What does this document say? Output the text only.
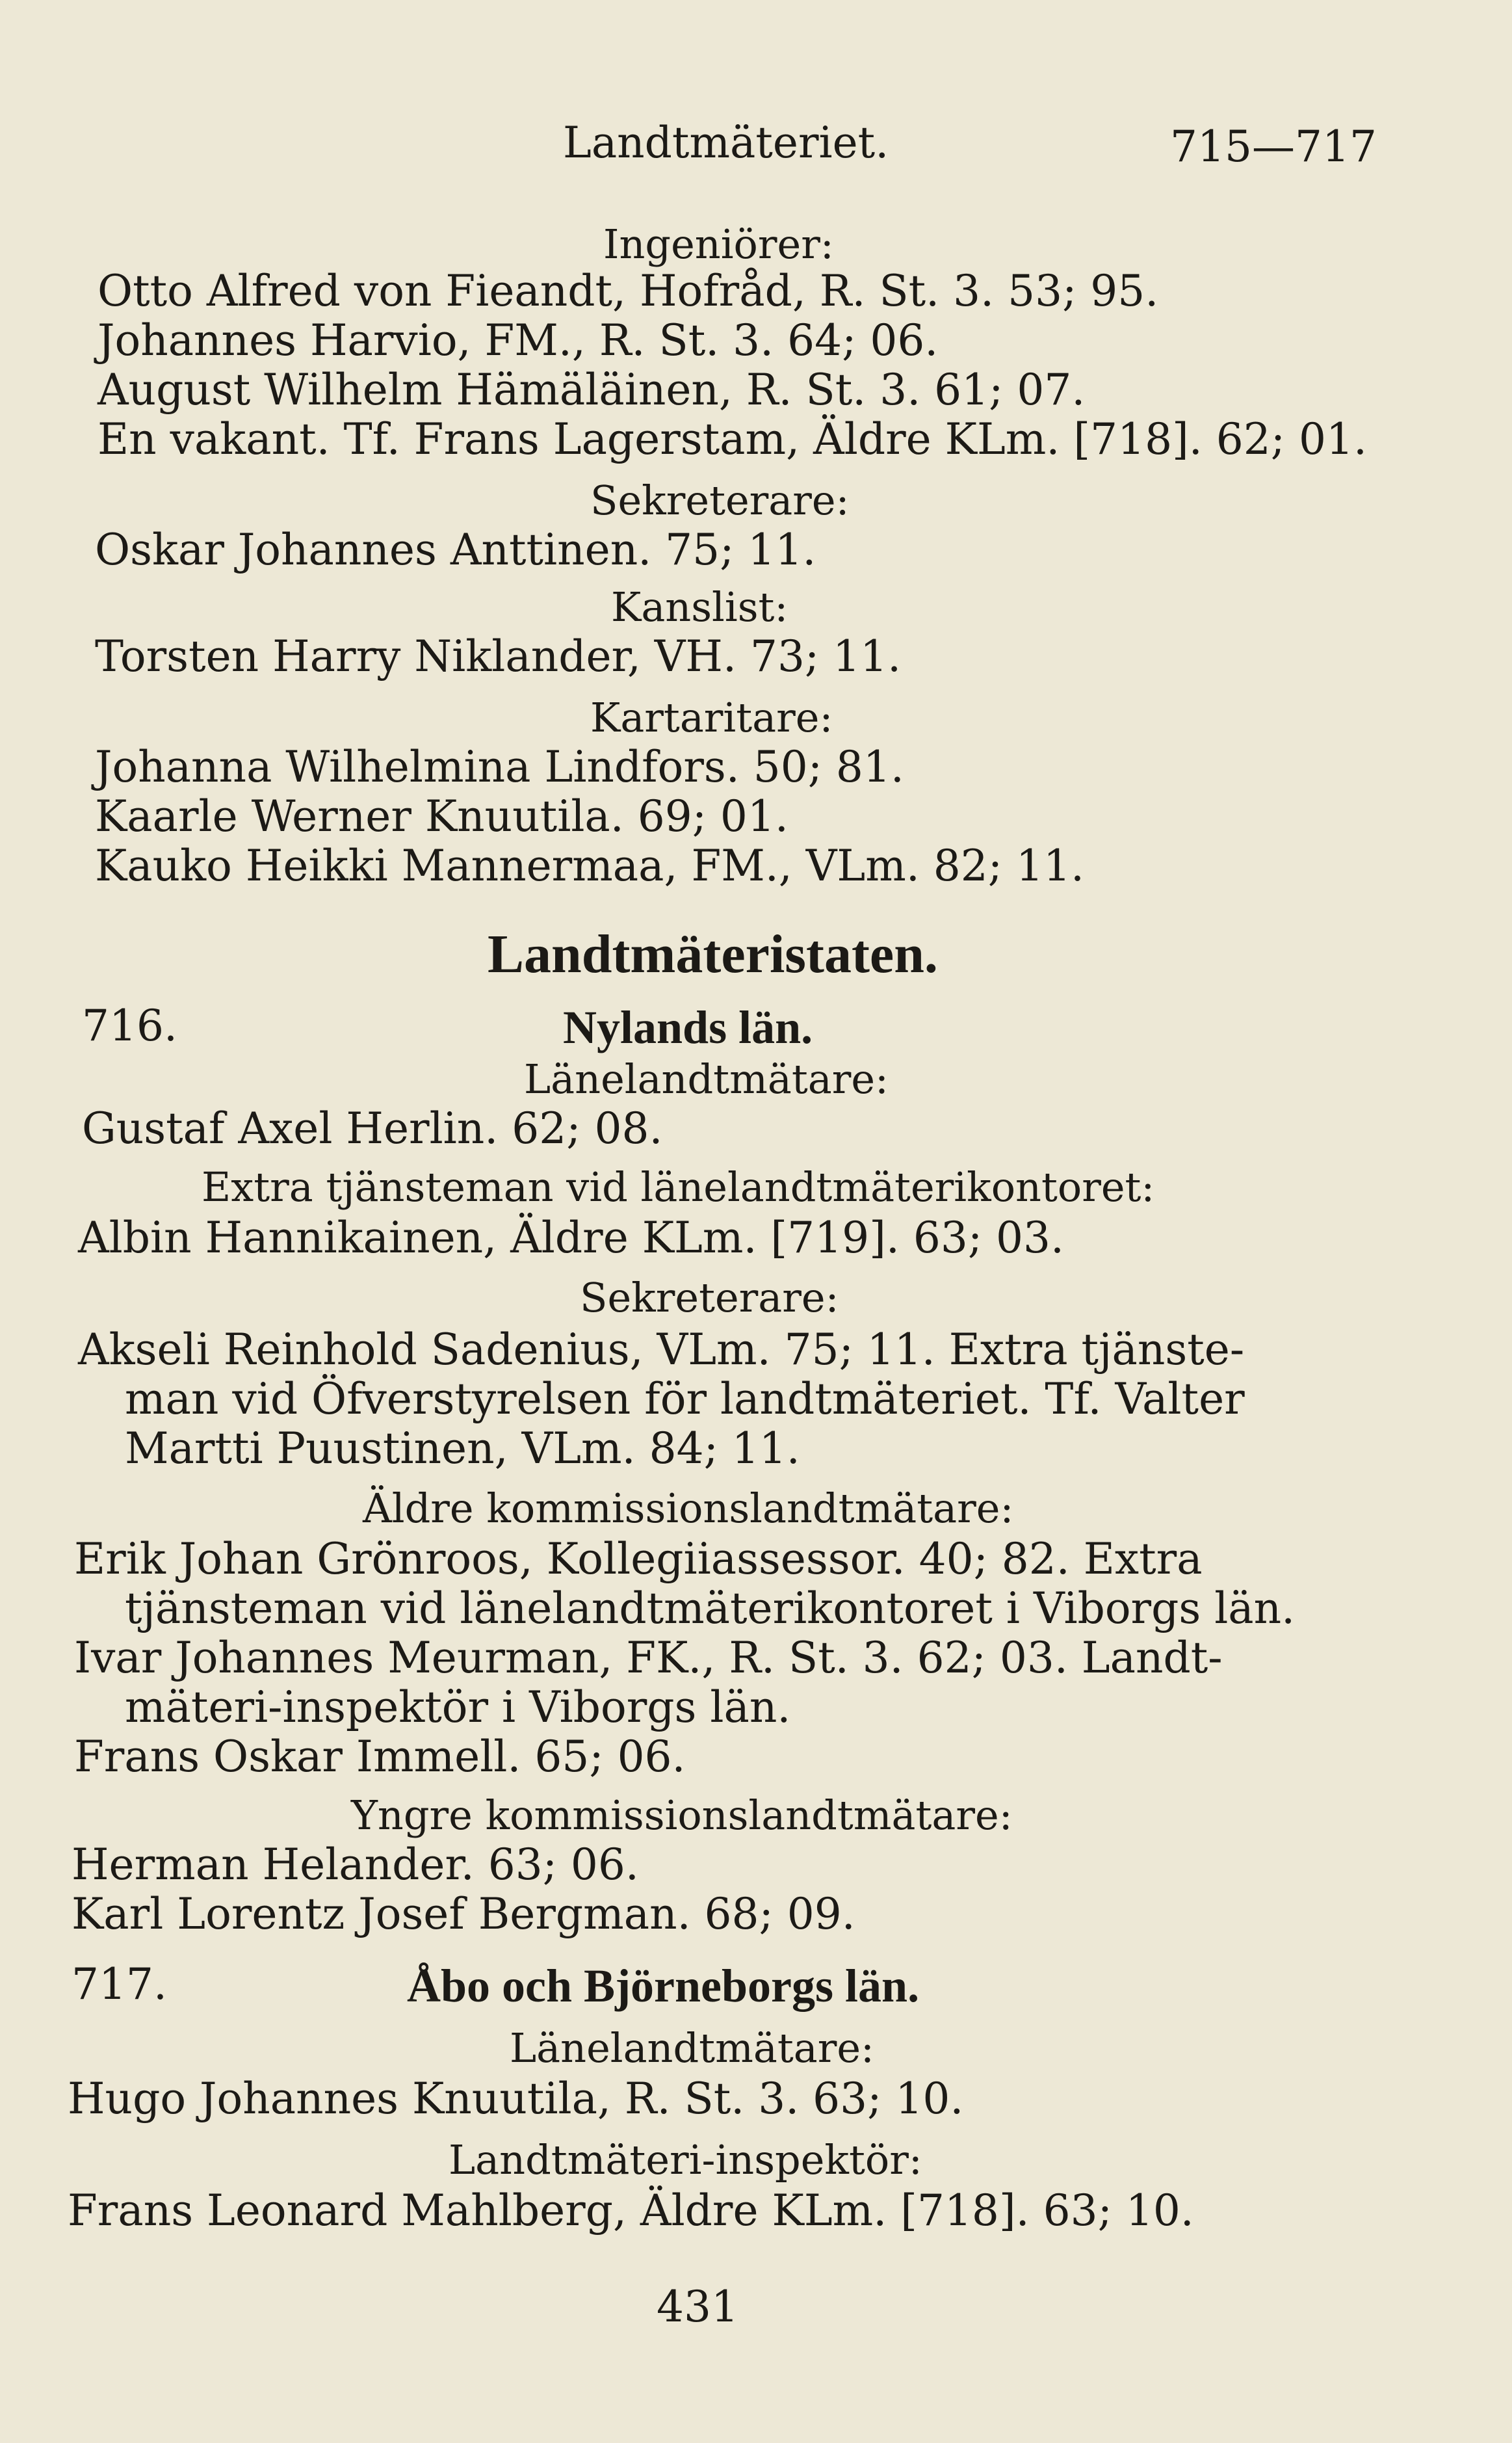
Landtmäteriet.	715—717
Ingeniörer:
Otto Alfred von Fieandt, Hofråd, R. St. 3. 53; 95.
Johannes Harvio, FM., R. St. 3. 64; 06.
August Wilhelm Hämäläinen, R. St. 3. 61; 07.
En vakant. Tf. Frans Lagerstam, Äldre KLm. [718]. 62; 01.
Sekreterare:
Oskar Johannes Anttinen. 75; 11.
Kanslist:
Torsten Harry Niklander, VH. 73; 11.
Kartaritare:
Johanna Wilhelmina Lindfors. 50; 81.
Kaarle Werner Knuutila. 69; 01.
Kauko Heikki Mannermaa, FM., VLm. 82; 11.
Landtmäteristaten.
716.	Nylands län.
Länelandtmätare:
Gustaf Axel Herlin. 62; 08.
Extra tjänsteman vid länelandtmäterikontoret:
Albin Hannikainen, Äldre KLm. [719]. 63; 03.
Sekreterare:
Akseli Reinhold Sadenius, VLm. 75; 11. Extra tjänste-
man vid Öfverstyrelsen för landtmäteriet. Tf. Valter
Martti Puustinen, VLm. 84; 11.
Äldre kommissionslandtmätare:
Erik Johan Grönroos, Kollegiiassessor. 40; 82. Extra
tjänsteman vid länelandtmäterikontoret i Viborgs län.
Ivar Johannes Meurman, FK., R. St. 3. 62; 03. Landt-
mäteri-inspektör i Viborgs län.
Frans Oskar Immell. 65; 06.
Yngre kommissionslandtmätare:
Herman Helander. 63; 06.
Karl Lorentz Josef Bergman. 68; 09.
717.	Åbo och Björneborgs län.
Länelandtmätare:
Hugo Johannes Knuutila, R. St. 3. 63; 10.
Landtmäteri-inspektör:
Frans Leonard Mahlberg, Äldre KLm. [718]. 63; 10.
431
